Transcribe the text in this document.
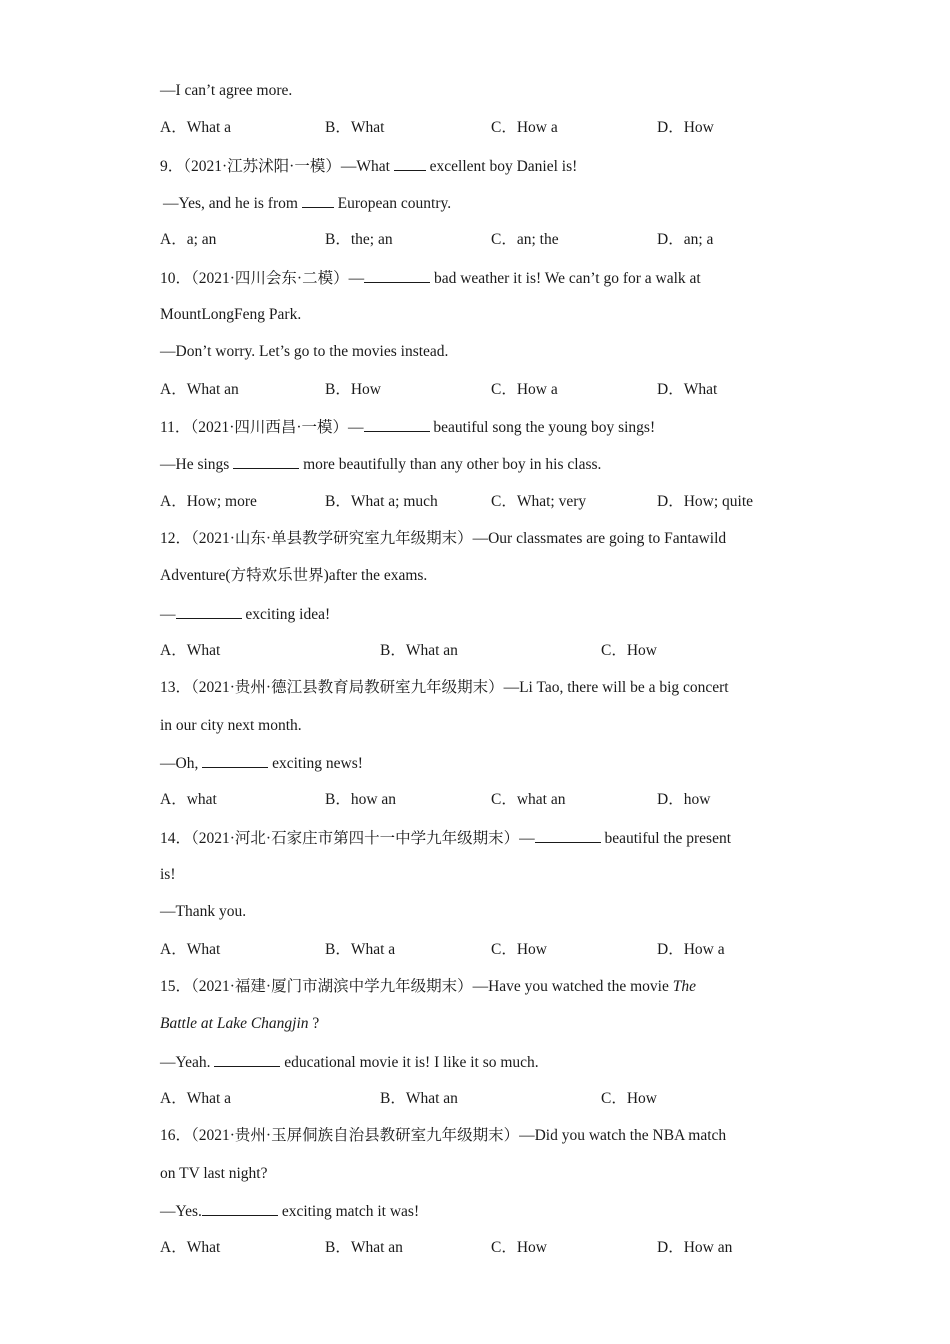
—I can’t agree more.
A．What a	B．What	C．How a	D．How
9．（2021·江苏沭阳·一模）—What	excellent boy Daniel is!
—Yes, and he is from	European country.
A．a; an	B．the; an	C．an; the	D．an; a
10．（2021·四川会东·二模）—	bad weather it is! We can’t go for a walk at
MountLongFeng Park.
—Don’t worry. Let’s go to the movies instead.
A．What an	B．How	C．How a	D．What
11．（2021·四川西昌·一模）—	beautiful song the young boy sings!
—He sings	more beautifully than any other boy in his class.
A．How; more	B．What a; much	C．What; very	D．How; quite
12．（2021·山东·单县教学研究室九年级期末）—Our classmates are going to Fantawild
Adventure(方特欢乐世界)after the exams.
—	exciting idea!
A．What	B．What an	C．How
13．（2021·贵州·德江县教育局教研室九年级期末）—Li Tao, there will be a big concert
in our city next month.
—Oh,	exciting news!
A．what	B．how an	C．what an	D．how
14．（2021·河北·石家庄市第四十一中学九年级期末）—	beautiful the present
is!
—Thank you.
A．What	B．What a	C．How	D．How a
15．（2021·福建·厦门市湖滨中学九年级期末）—Have you watched the movie The
Battle at Lake Changjin ?
—Yeah.	educational movie it is! I like it so much.
A．What a	B．What an	C．How
16．（2021·贵州·玉屏侗族自治县教研室九年级期末）—Did you watch the NBA match
on TV last night?
—Yes.	exciting match it was!
A．What	B．What an	C．How	D．How an
